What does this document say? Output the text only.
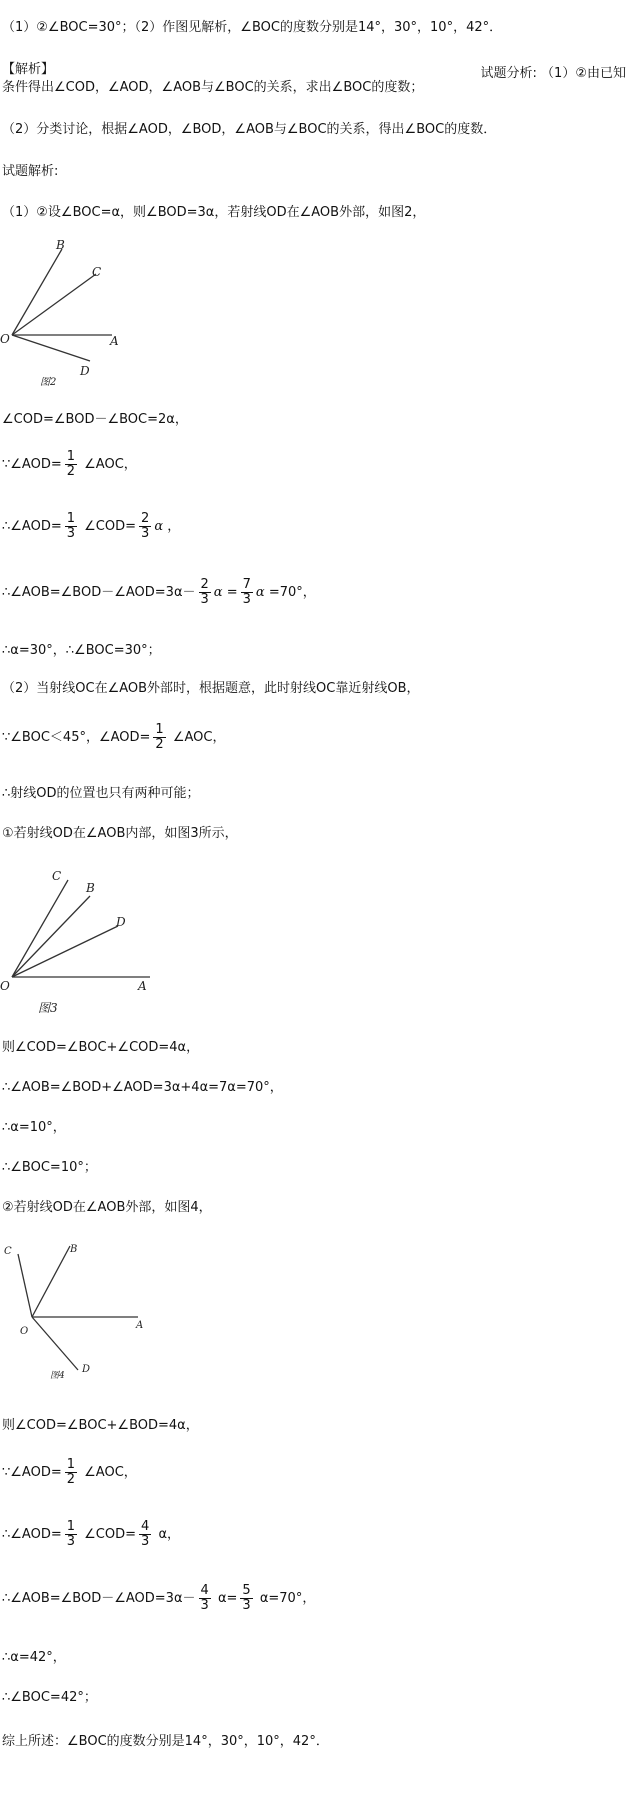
（1）②∠BOC=30°；（2）作图见解析，∠BOC的度数分别是14°，30°，10°，42°．
【解析】	试题分析: （1）②由已知
条件得出∠COD，∠AOD，∠AOB与∠BOC的关系，求出∠BOC的度数；
（2）分类讨论，根据∠AOD，∠BOD，∠AOB与∠BOC的关系，得出∠BOC的度数．
试题解析:
（1）②设∠BOC=α，则∠BOD=3α，若射线OD在∠AOB外部，如图2，
O	A
B
C
D
图2
∠COD=∠BOD－∠BOC=2α，
∵∠AOD= $\frac{1}{2}$ ∠AOC，
∴∠AOD= $\frac{1}{3}$ ∠COD= $\frac{2}{3}$ α ，
∴∠AOB=∠BOD－∠AOD=3α－ $\frac{2}{3}$ $\alpha = \frac{7}{3}$ α =70°，
∴α=30°，∴∠BOC=30°；
（2）当射线OC在∠AOB外部时，根据题意，此时射线OC靠近射线OB，
∵∠BOC＜45°，∠AOD= $\frac{1}{2}$ ∠AOC，
∴射线OD的位置也只有两种可能；
①若射线OD在∠AOB内部，如图3所示，
O	A
B
C
D
图3
则∠COD=∠BOC+∠COD=4α，
∴∠AOB=∠BOD+∠AOD=3α+4α=7α=70°，
∴α=10°，
∴∠BOC=10°；
②若射线OD在∠AOB外部，如图4，
O
A
B
C
D
图4
则∠COD=∠BOC+∠BOD=4α，
∵∠AOD= $\frac{1}{2}$ ∠AOC，
∴∠AOD= $\frac{1}{3}$ ∠COD= $\frac{4}{3}$ α，
∴∠AOB=∠BOD－∠AOD=3α－ $\frac{4}{3} \alpha= \frac{5}{3} \alpha=70^\circ$，
∴α=42°，
∴∠BOC=42°；
综上所述：∠BOC的度数分别是14°，30°，10°，42°．
